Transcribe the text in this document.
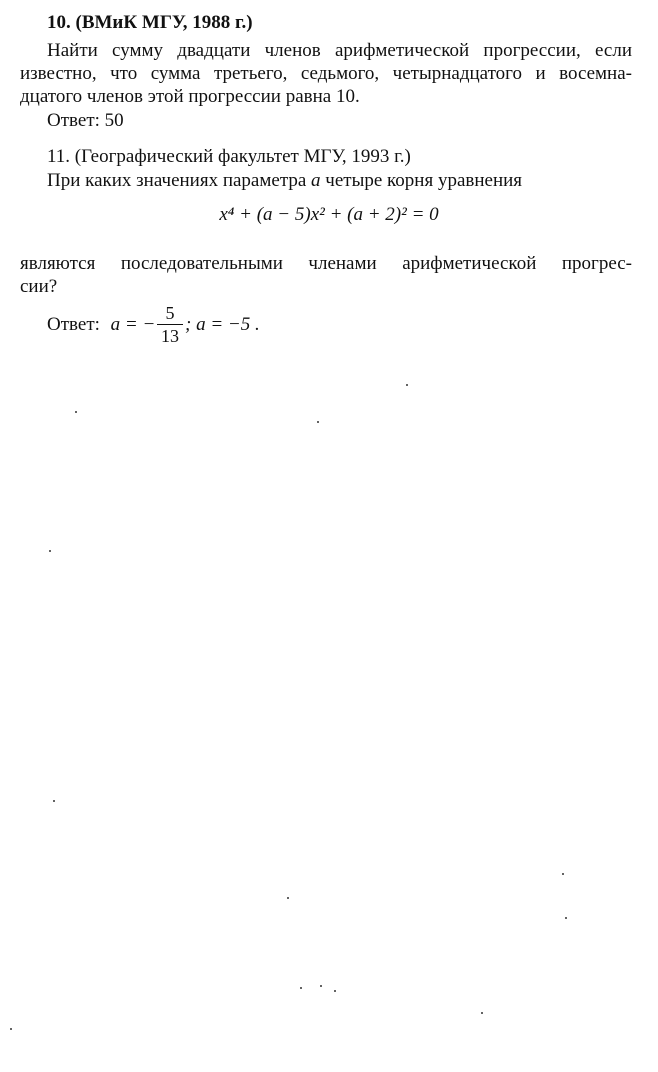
10. (ВМиК МГУ, 1988 г.)
Найти сумму двадцати членов арифметической прогрессии, если
известно, что сумма третьего, седьмого, четырнадцатого и восемна-
дцатого членов этой прогрессии равна 10.
Ответ: 50
11. (Географический факультет МГУ, 1993 г.)
При каких значениях параметра a четыре корня уравнения
x⁴ + (a − 5)x² + (a + 2)² = 0
являются последовательными членами арифметической прогрес-
сии?
Ответ: a = −
5
13
; a = −5 .
